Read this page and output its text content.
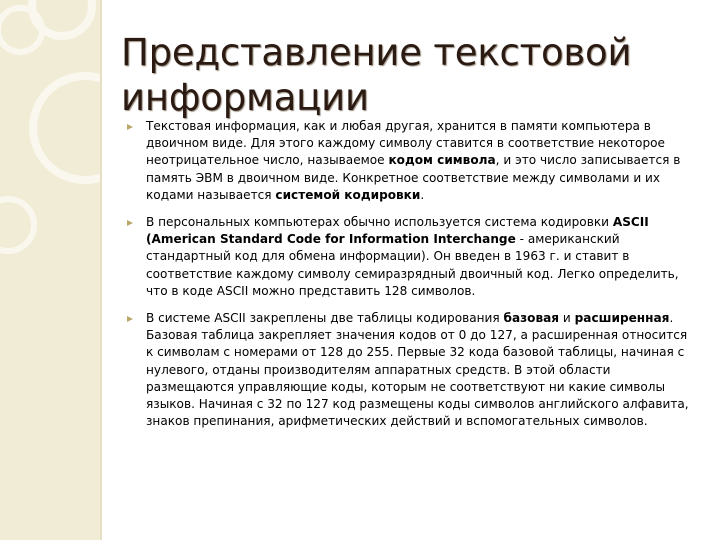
Представление текстовой информации
Текстовая информация, как и любая другая, хранится в памяти компьютера в двоичном виде. Для этого каждому символу ставится в соответствие некоторое неотрицательное число, называемое кодом символа, и это число записывается в память ЭВМ в двоичном виде. Конкретное соответствие между символами и их кодами называется системой кодировки.
В персональных компьютерах обычно используется система кодировки ASCII (American Standard Code for Information Interchange - американский стандартный код для обмена информации). Он введен в 1963 г. и ставит в соответствие каждому символу семиразрядный двоичный код. Легко определить, что в коде ASCII можно представить 128 символов.
В системе ASCII закреплены две таблицы кодирования базовая и расширенная. Базовая таблица закрепляет значения кодов от 0 до 127, а расширенная относится к символам с номерами от 128 до 255. Первые 32 кода базовой таблицы, начиная с нулевого, отданы производителям аппаратных средств. В этой области размещаются управляющие коды, которым не соответствуют ни какие символы языков. Начиная с 32 по 127 код размещены коды символов английского алфавита, знаков препинания, арифметических действий и вспомогательных символов.
